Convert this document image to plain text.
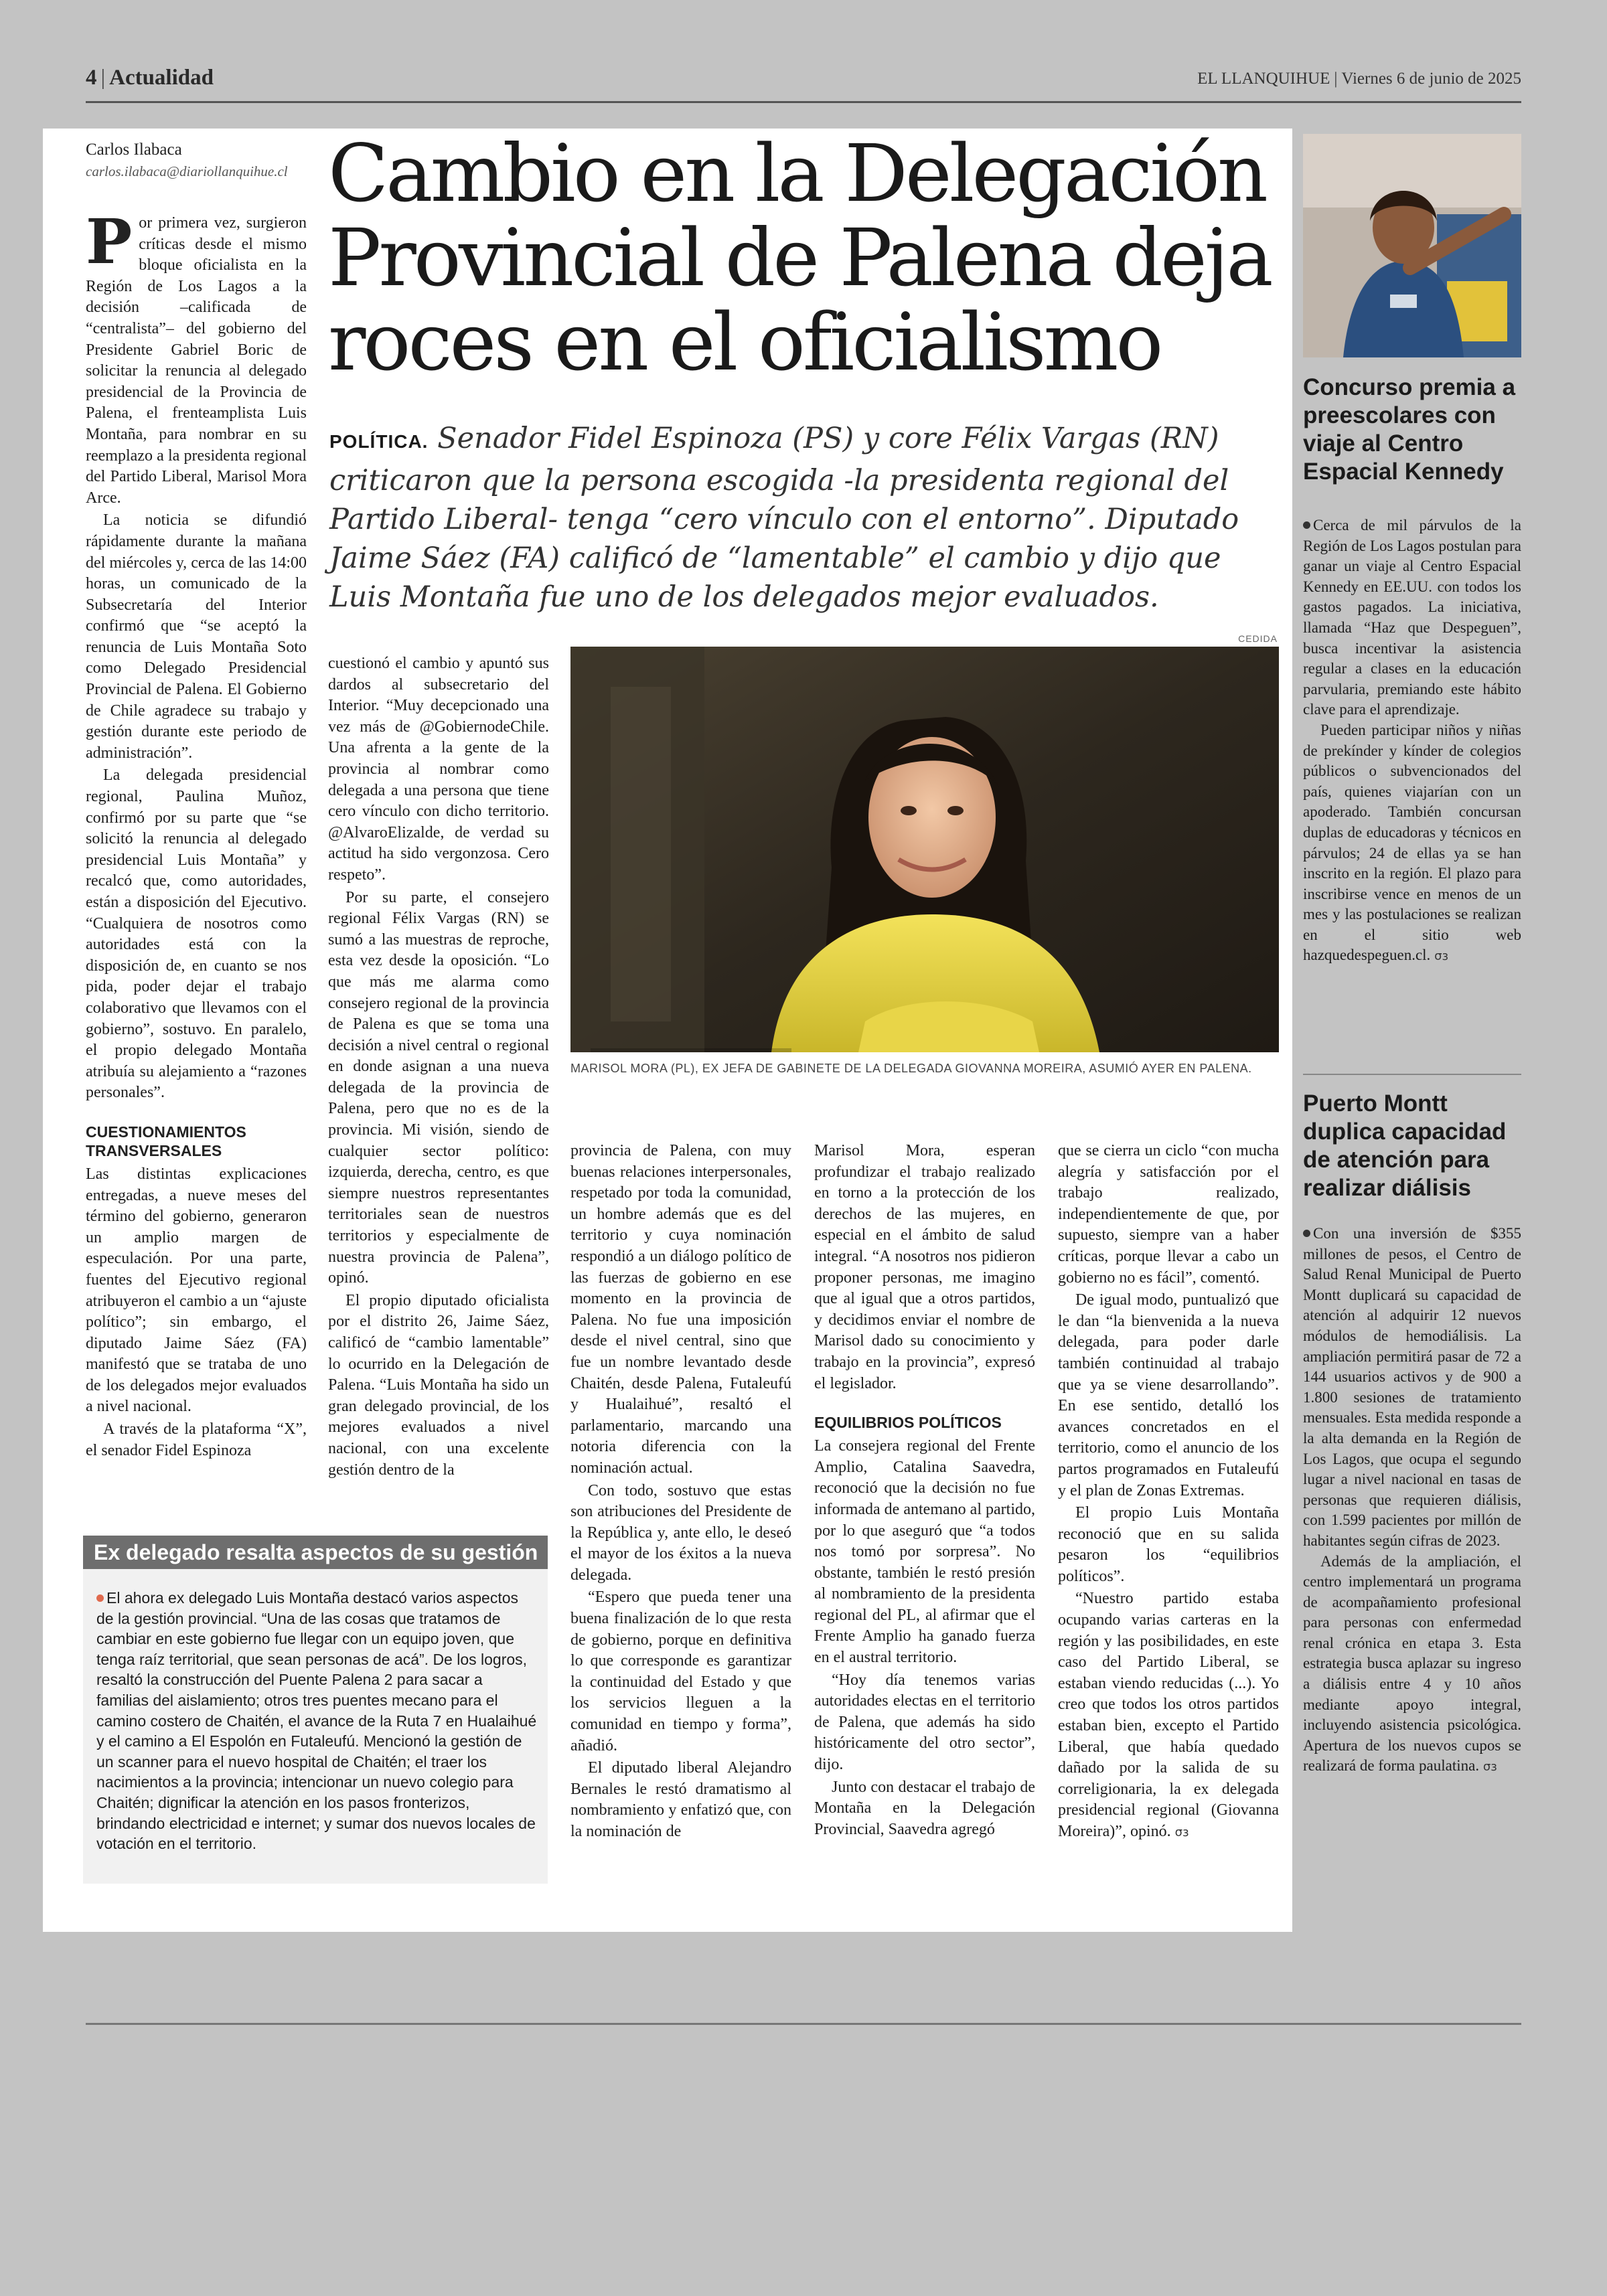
4 | Actualidad	EL LLANQUIHUE | Viernes 6 de junio de 2025
Carlos Ilabaca
carlos.ilabaca@diariollanquihue.cl Cambio en la Delegación Provincial de Palena deja roces en el oficialismo
POLÍTICA. Senador Fidel Espinoza (PS) y core Félix Vargas (RN) criticaron que la persona escogida -la presidenta regional del Partido Liberal- tenga “cero vínculo con el entorno”. Diputado Jaime Sáez (FA) calificó de “lamentable” el cambio y dijo que Luis Montaña fue uno de los delegados mejor evaluados.

Por primera vez, surgieron críticas desde el mismo bloque oficialista en la Región de Los Lagos a la decisión –calificada de “centralista”– del gobierno del Presidente Gabriel Boric de solicitar la renuncia al delegado presidencial de la Provincia de Palena, el frenteamplista Luis Montaña, para nombrar en su reemplazo a la presidenta regional del Partido Liberal, Marisol Mora Arce.

La noticia se difundió rápidamente durante la mañana del miércoles y, cerca de las 14:00 horas, un comunicado de la Subsecretaría del Interior confirmó que “se aceptó la renuncia de Luis Montaña Soto como Delegado Presidencial Provincial de Palena. El Gobierno de Chile agradece su trabajo y gestión durante este periodo de administración”.

La delegada presidencial regional, Paulina Muñoz, confirmó por su parte que “se solicitó la renuncia al delegado presidencial Luis Montaña” y recalcó que, como autoridades, están a disposición del Ejecutivo. “Cualquiera de nosotros como autoridades está con la disposición de, en cuanto se nos pida, poder dejar el trabajo colaborativo que llevamos con el gobierno”, sostuvo. En paralelo, el propio delegado Montaña atribuía su alejamiento a “razones personales”.

CUESTIONAMIENTOS TRANSVERSALES

Las distintas explicaciones entregadas, a nueve meses del término del gobierno, generaron un amplio margen de especulación. Por una parte, fuentes del Ejecutivo regional atribuyeron el cambio a un “ajuste político”; sin embargo, el diputado Jaime Sáez (FA) manifestó que se trataba de uno de los delegados mejor evaluados a nivel nacional.

A través de la plataforma “X”, el senador Fidel Espinoza

CEDIDA
MARISOL MORA (PL), EX JEFA DE GABINETE DE LA DELEGADA GIOVANNA MOREIRA, ASUMIÓ AYER EN PALENA.

cuestionó el cambio y apuntó sus dardos al subsecretario del Interior. “Muy decepcionado una vez más de @GobiernodeChile. Una afrenta a la gente de la provincia al nombrar como delegada a una persona que tiene cero vínculo con dicho territorio. @AlvaroElizalde, de verdad su actitud ha sido vergonzosa. Cero respeto”.

Por su parte, el consejero regional Félix Vargas (RN) se sumó a las muestras de reproche, esta vez desde la oposición. “Lo que más me alarma como consejero regional de la provincia de Palena es que se toma una decisión a nivel central o regional en donde asignan a una nueva delegada de la provincia de Palena, pero que no es de la provincia. Mi visión, siendo de cualquier sector político: izquierda, derecha, centro, es que siempre nuestros representantes territoriales sean de nuestros territorios y especialmente de nuestra provincia de Palena”, opinó.

El propio diputado oficialista por el distrito 26, Jaime Sáez, calificó de “cambio lamentable” lo ocurrido en la Delegación de Palena. “Luis Montaña ha sido un gran delegado provincial, de los mejores evaluados a nivel nacional, con una excelente gestión dentro de la

provincia de Palena, con muy buenas relaciones interpersonales, respetado por toda la comunidad, un hombre además que es del territorio y cuya nominación respondió a un diálogo político de las fuerzas de gobierno en ese momento en la provincia de Palena. No fue una imposición desde el nivel central, sino que fue un nombre levantado desde Chaitén, desde Palena, Futaleufú y Hualaihué”, resaltó el parlamentario, marcando una notoria diferencia con la nominación actual.

Con todo, sostuvo que estas son atribuciones del Presidente de la República y, ante ello, le deseó el mayor de los éxitos a la nueva delegada.

“Espero que pueda tener una buena finalización de lo que resta de gobierno, porque en definitiva lo que corresponde es garantizar la continuidad del Estado y que los servicios lleguen a la comunidad en tiempo y forma”, añadió.

El diputado liberal Alejandro Bernales le restó dramatismo al nombramiento y enfatizó que, con la nominación de

Marisol Mora, esperan profundizar el trabajo realizado en torno a la protección de los derechos de las mujeres, en especial en el ámbito de salud integral. “A nosotros nos pidieron proponer personas, me imagino que al igual que a otros partidos, y decidimos enviar el nombre de Marisol dado su conocimiento y trabajo en la provincia”, expresó el legislador.

EQUILIBRIOS POLÍTICOS

La consejera regional del Frente Amplio, Catalina Saavedra, reconoció que la decisión no fue informada de antemano al partido, por lo que aseguró que “a todos nos tomó por sorpresa”. No obstante, también le restó presión al nombramiento de la presidenta regional del PL, al afirmar que el Frente Amplio ha ganado fuerza en el austral territorio.

“Hoy día tenemos varias autoridades electas en el territorio de Palena, que además ha sido históricamente del otro sector”, dijo.

Junto con destacar el trabajo de Montaña en la Delegación Provincial, Saavedra agregó

que se cierra un ciclo “con mucha alegría y satisfacción por el trabajo realizado, independientemente de que, por supuesto, siempre van a haber críticas, porque llevar a cabo un gobierno no es fácil”, comentó.

De igual modo, puntualizó que le dan “la bienvenida a la nueva delegada, para poder darle también continuidad al trabajo que ya se viene desarrollando”. En ese sentido, detalló los avances concretados en el territorio, como el anuncio de los partos programados en Futaleufú y el plan de Zonas Extremas.

El propio Luis Montaña reconoció que en su salida pesaron los “equilibrios políticos”.

“Nuestro partido estaba ocupando varias carteras en la región y las posibilidades, en este caso del Partido Liberal, se estaban viendo reducidas (...). Yo creo que todos los otros partidos estaban bien, excepto el Partido Liberal, que había quedado dañado por la salida de su correligionaria, la ex delegada presidencial regional (Giovanna Moreira)”, opinó. σз

Ex delegado resalta aspectos de su gestión
El ahora ex delegado Luis Montaña destacó varios aspectos de la gestión provincial. “Una de las cosas que tratamos de cambiar en este gobierno fue llegar con un equipo joven, que tenga raíz territorial, que sean personas de acá”. De los logros, resaltó la construcción del Puente Palena 2 para sacar a familias del aislamiento; otros tres puentes mecano para el camino costero de Chaitén, el avance de la Ruta 7 en Hualaihué y el camino a El Espolón en Futaleufú. Mencionó la gestión de un scanner para el nuevo hospital de Chaitén; el traer los nacimientos a la provincia; intencionar un nuevo colegio para Chaitén; dignificar la atención en los pasos fronterizos, brindando electricidad e internet; y sumar dos nuevos locales de votación en el territorio.
Concurso premia a preescolares con viaje al Centro Espacial Kennedy

Cerca de mil párvulos de la Región de Los Lagos postulan para ganar un viaje al Centro Espacial Kennedy en EE.UU. con todos los gastos pagados. La iniciativa, llamada “Haz que Despeguen”, busca incentivar la asistencia regular a clases en la educación parvularia, premiando este hábito clave para el aprendizaje.

Pueden participar niños y niñas de prekínder y kínder de colegios públicos o subvencionados del país, quienes viajarían con un apoderado. También concursan duplas de educadoras y técnicos en párvulos; 24 de ellas ya se han inscrito en la región. El plazo para inscribirse vence en menos de un mes y las postulaciones se realizan en el sitio web hazquedespeguen.cl. σз

Puerto Montt duplica capacidad de atención para realizar diálisis

Con una inversión de $355 millones de pesos, el Centro de Salud Renal Municipal de Puerto Montt duplicará su capacidad de atención al adquirir 12 nuevos módulos de hemodiálisis. La ampliación permitirá pasar de 72 a 144 usuarios activos y de 900 a 1.800 sesiones de tratamiento mensuales. Esta medida responde a la alta demanda en la Región de Los Lagos, que ocupa el segundo lugar a nivel nacional en tasas de personas que requieren diálisis, con 1.599 pacientes por millón de habitantes según cifras de 2023.

Además de la ampliación, el centro implementará un programa de acompañamiento profesional para personas con enfermedad renal crónica en etapa 3. Esta estrategia busca aplazar su ingreso a diálisis entre 4 y 10 años mediante apoyo integral, incluyendo asistencia psicológica. Apertura de los nuevos cupos se realizará de forma paulatina. σз
